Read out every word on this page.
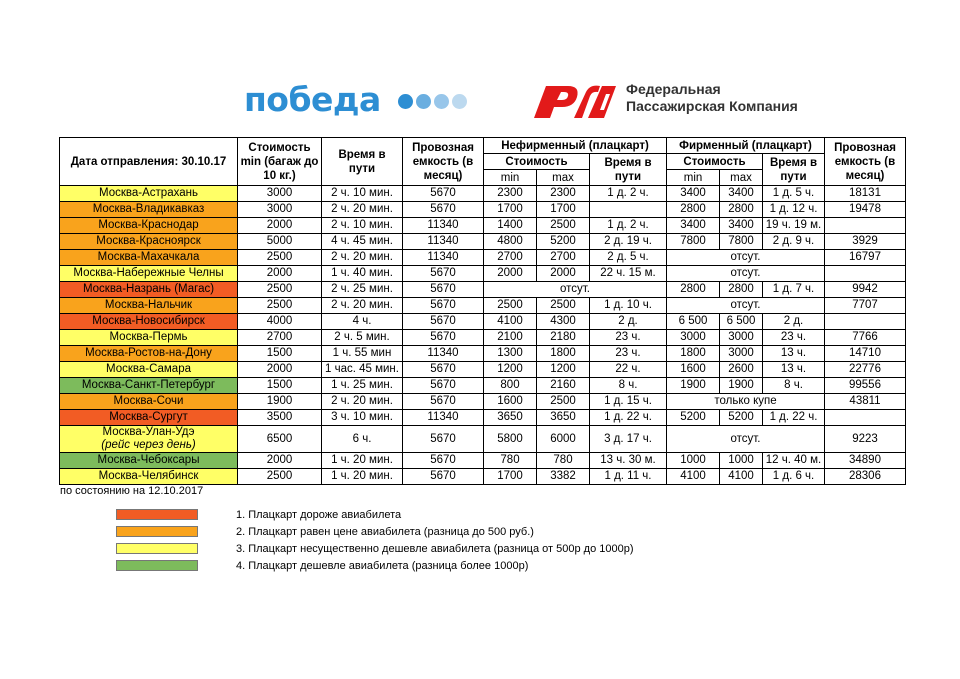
победа	Федеральная
Пассажирская Компания
Дата отправления: 30.10.17	Стоимость min (багаж до 10 кг.)	Время в пути	Провозная емкость (в месяц)	Нефирменный (плацкарт)			Фирменный (плацкарт)			Провозная емкость (в месяц)
				Стоимость		Время в пути	Стоимость		Время в пути	
				min	max		min	max		

Москва-Астрахань	3000	2 ч. 10 мин.	5670	2300	2300	1 д. 2 ч.	3400	3400	1 д. 5 ч.	18131

Москва-Владикавказ	3000	2 ч. 20 мин.	5670	1700	1700		2800	2800	1 д. 12 ч.	19478

Москва-Краснодар	2000	2 ч. 10 мин.	11340	1400	2500	1 д. 2 ч.	3400	3400	19 ч. 19 м.	

Москва-Красноярск	5000	4 ч. 45 мин.	11340	4800	5200	2 д. 19 ч.	7800	7800	2 д. 9 ч.	3929

Москва-Махачкала	2500	2 ч. 20 мин.	11340	2700	2700	2 д. 5 ч.	отсут.			16797

Москва-Набережные Челны	2000	1 ч. 40 мин.	5670	2000	2000	22 ч. 15 м.	отсут.			

Москва-Назрань (Магас)	2500	2 ч. 25 мин.	5670	отсут.			2800	2800	1 д. 7 ч.	9942

Москва-Нальчик	2500	2 ч. 20 мин.	5670	2500	2500	1 д. 10 ч.	отсут.			7707

Москва-Новосибирск	4000	4 ч.	5670	4100	4300	2 д.	6 500	6 500	2 д.	

Москва-Пермь	2700	2 ч. 5 мин.	5670	2100	2180	23 ч.	3000	3000	23 ч.	7766

Москва-Ростов-на-Дону	1500	1 ч. 55 мин	11340	1300	1800	23 ч.	1800	3000	13 ч.	14710

Москва-Самара	2000	1 час. 45 мин.	5670	1200	1200	22 ч.	1600	2600	13 ч.	22776

Москва-Санкт-Петербург	1500	1 ч. 25 мин.	5670	800	2160	8 ч.	1900	1900	8 ч.	99556

Москва-Сочи	1900	2 ч. 20 мин.	5670	1600	2500	1 д. 15 ч.	только купе			43811

Москва-Сургут	3500	3 ч. 10 мин.	11340	3650	3650	1 д. 22 ч.	5200	5200	1 д. 22 ч.	

Москва-Улан-Удэ
(рейс через день)	6500	6 ч.	5670	5800	6000	3 д. 17 ч.	отсут.			9223

Москва-Чебоксары	2000	1 ч. 20 мин.	5670	780	780	13 ч. 30 м.	1000	1000	12 ч. 40 м.	34890

Москва-Челябинск	2500	1 ч. 20 мин.	5670	1700	3382	1 д. 11 ч.	4100	4100	1 д. 6 ч.	28306
по состоянию на 12.10.2017
1. Плацкарт дороже авиабилета
2. Плацкарт равен цене авиабилета (разница до 500 руб.)
3. Плацкарт несущественно дешевле авиабилета (разница от 500р до 1000р)
4. Плацкарт дешевле авиабилета (разница более 1000р)
